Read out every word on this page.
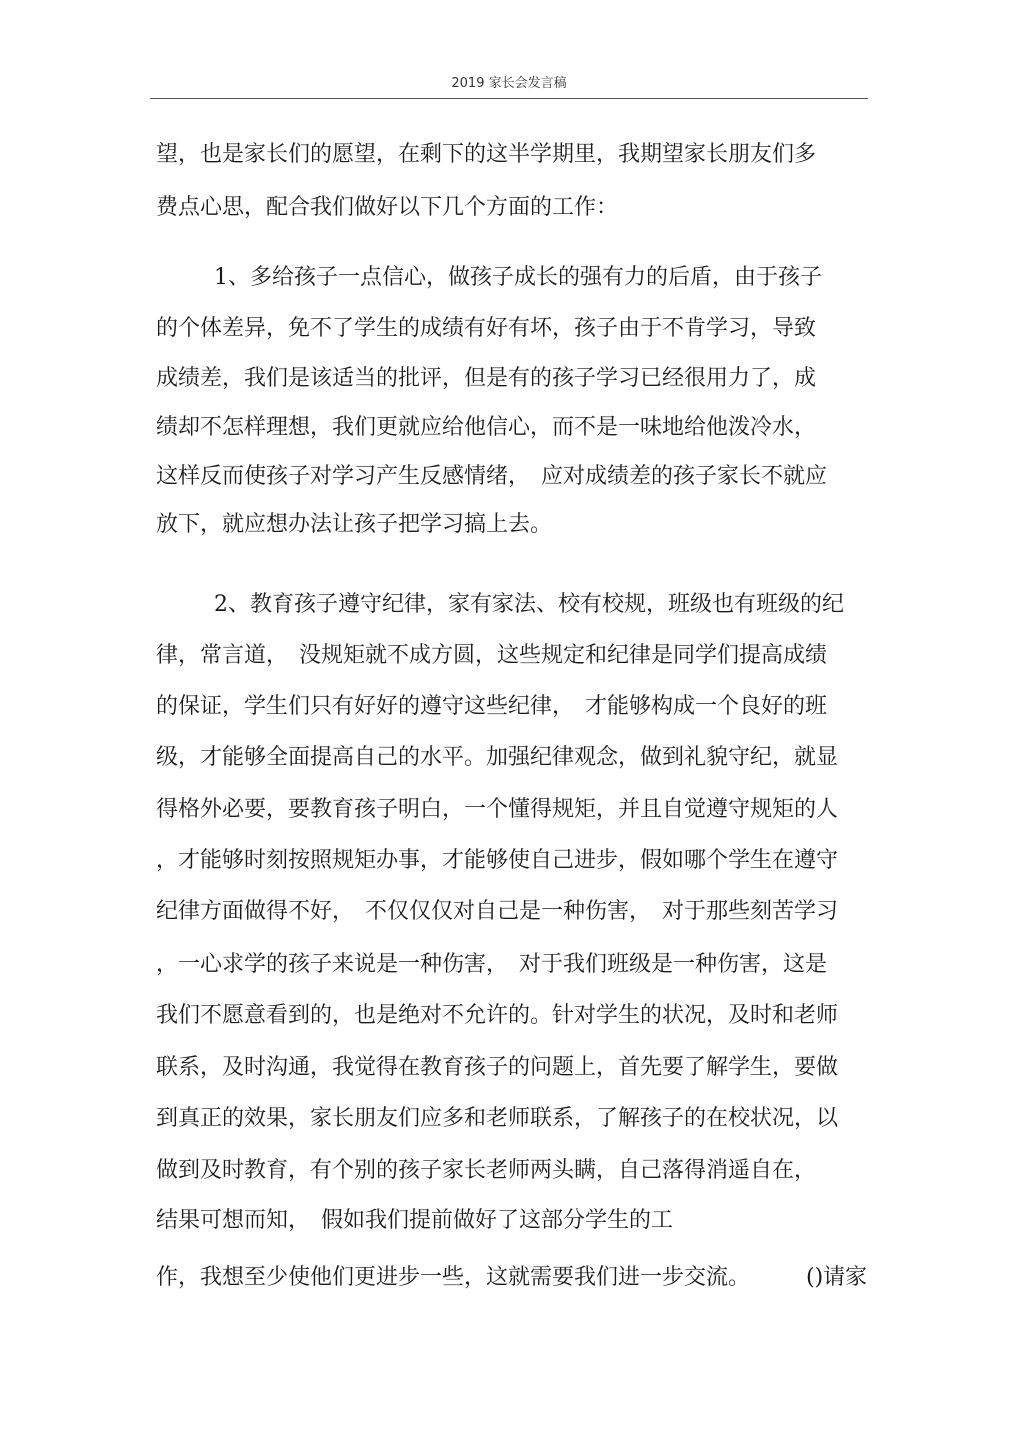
2019 家长会发言稿
望，也是家长们的愿望，在剩下的这半学期里，我期望家长朋友们多
费点心思，配合我们做好以下几个方面的工作：
1、多给孩子一点信心，做孩子成长的强有力的后盾，由于孩子
的个体差异，免不了学生的成绩有好有坏，孩子由于不肯学习，导致
成绩差，我们是该适当的批评，但是有的孩子学习已经很用力了，成
绩却不怎样理想，我们更就应给他信心，而不是一味地给他泼冷水，
这样反而使孩子对学习产生反感情绪，　应对成绩差的孩子家长不就应
放下，就应想办法让孩子把学习搞上去。
2、教育孩子遵守纪律，家有家法、校有校规，班级也有班级的纪
律，常言道，　没规矩就不成方圆，这些规定和纪律是同学们提高成绩
的保证，学生们只有好好的遵守这些纪律，　才能够构成一个良好的班
级，才能够全面提高自己的水平。加强纪律观念，做到礼貌守纪，就显
得格外必要，要教育孩子明白，一个懂得规矩，并且自觉遵守规矩的人
，才能够时刻按照规矩办事，才能够使自己进步，假如哪个学生在遵守
纪律方面做得不好，　不仅仅仅对自己是一种伤害，　对于那些刻苦学习
，一心求学的孩子来说是一种伤害，　对于我们班级是一种伤害，这是
我们不愿意看到的，也是绝对不允许的。针对学生的状况，及时和老师
联系，及时沟通，我觉得在教育孩子的问题上，首先要了解学生，要做
到真正的效果，家长朋友们应多和老师联系，了解孩子的在校状况，以
做到及时教育，有个别的孩子家长老师两头瞒，自己落得消遥自在，
结果可想而知，　假如我们提前做好了这部分学生的工
作，我想至少使他们更进步一些，这就需要我们进一步交流。	()请家
